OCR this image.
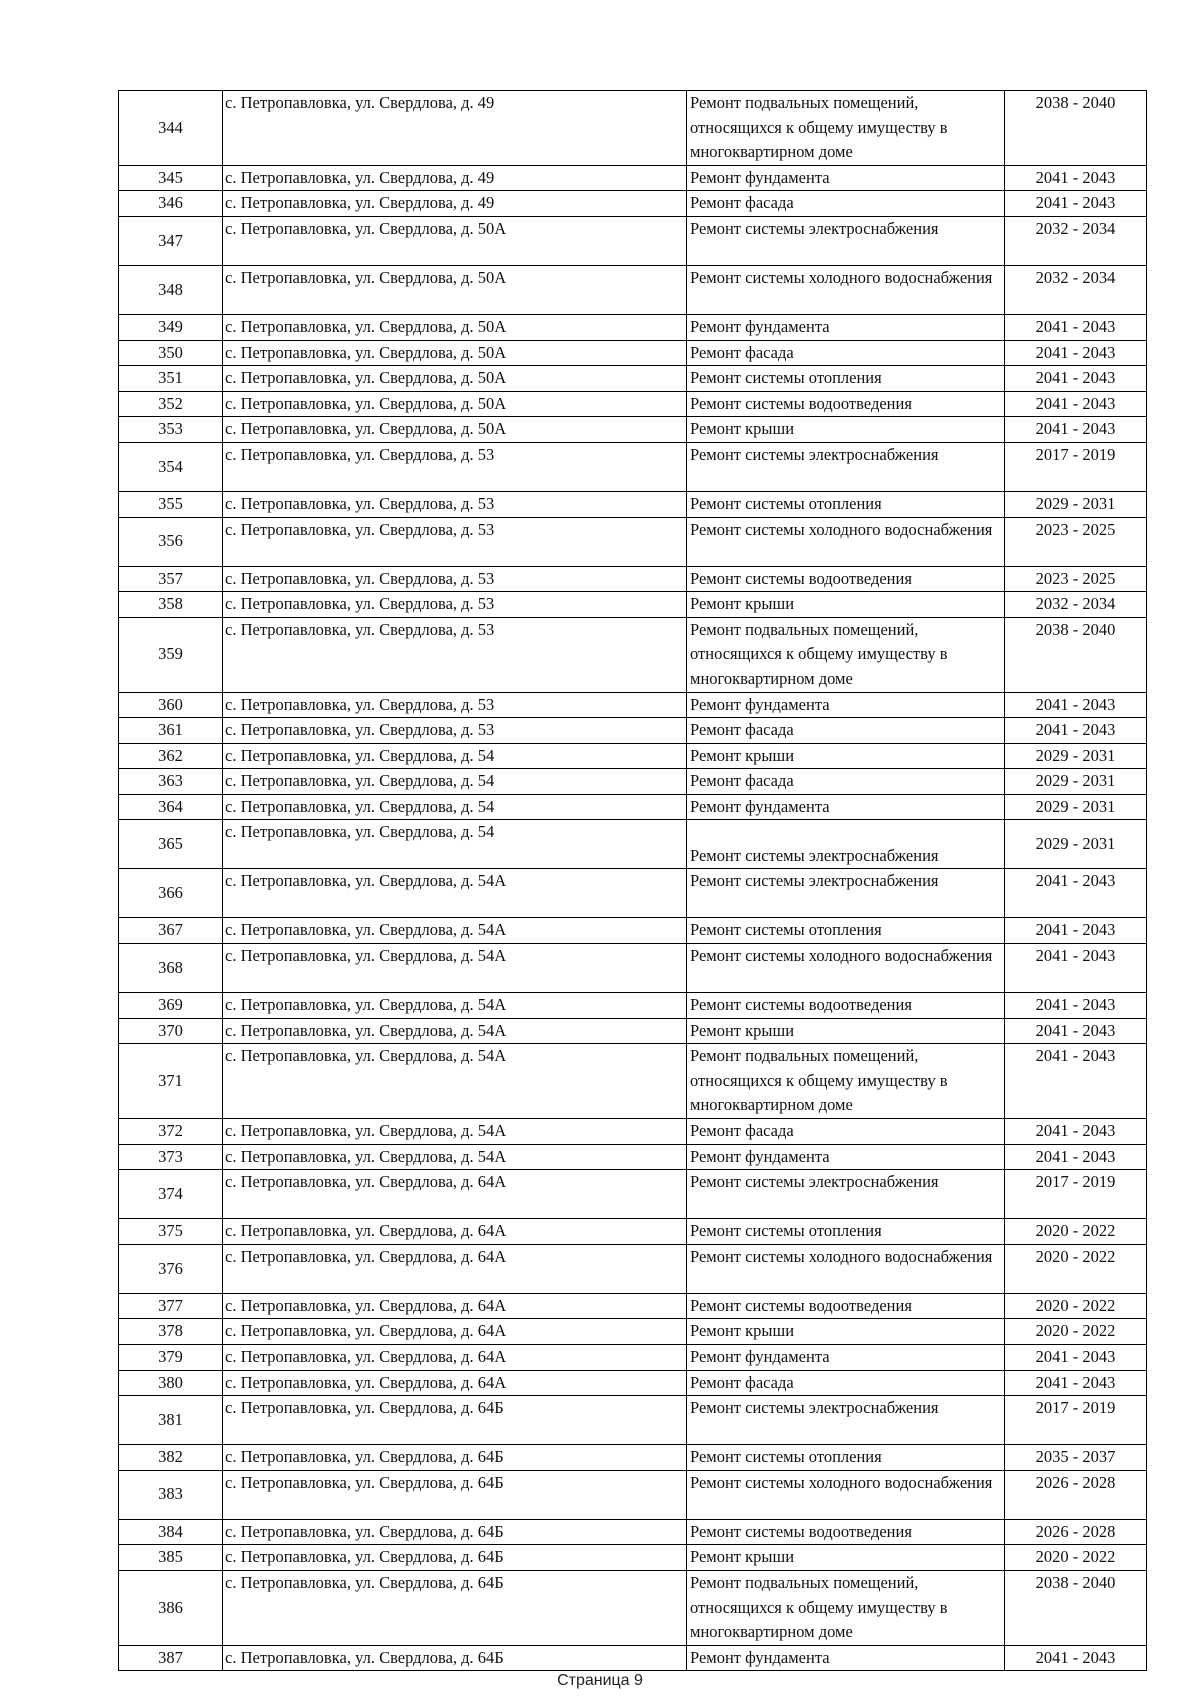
344	с. Петропавловка, ул. Свердлова, д. 49	Ремонт подвальных помещений, относящихся к общему имуществу в многоквартирном доме	2038 - 2040
345	с. Петропавловка, ул. Свердлова, д. 49	Ремонт фундамента	2041 - 2043
346	с. Петропавловка, ул. Свердлова, д. 49	Ремонт фасада	2041 - 2043
347	с. Петропавловка, ул. Свердлова, д. 50А	Ремонт системы электроснабжения	2032 - 2034
348	с. Петропавловка, ул. Свердлова, д. 50А	Ремонт системы холодного водоснабжения	2032 - 2034
349	с. Петропавловка, ул. Свердлова, д. 50А	Ремонт фундамента	2041 - 2043
350	с. Петропавловка, ул. Свердлова, д. 50А	Ремонт фасада	2041 - 2043
351	с. Петропавловка, ул. Свердлова, д. 50А	Ремонт системы отопления	2041 - 2043
352	с. Петропавловка, ул. Свердлова, д. 50А	Ремонт системы водоотведения	2041 - 2043
353	с. Петропавловка, ул. Свердлова, д. 50А	Ремонт крыши	2041 - 2043
354	с. Петропавловка, ул. Свердлова, д. 53	Ремонт системы электроснабжения	2017 - 2019
355	с. Петропавловка, ул. Свердлова, д. 53	Ремонт системы отопления	2029 - 2031
356	с. Петропавловка, ул. Свердлова, д. 53	Ремонт системы холодного водоснабжения	2023 - 2025
357	с. Петропавловка, ул. Свердлова, д. 53	Ремонт системы водоотведения	2023 - 2025
358	с. Петропавловка, ул. Свердлова, д. 53	Ремонт крыши	2032 - 2034
359	с. Петропавловка, ул. Свердлова, д. 53	Ремонт подвальных помещений, относящихся к общему имуществу в многоквартирном доме	2038 - 2040
360	с. Петропавловка, ул. Свердлова, д. 53	Ремонт фундамента	2041 - 2043
361	с. Петропавловка, ул. Свердлова, д. 53	Ремонт фасада	2041 - 2043
362	с. Петропавловка, ул. Свердлова, д. 54	Ремонт крыши	2029 - 2031
363	с. Петропавловка, ул. Свердлова, д. 54	Ремонт фасада	2029 - 2031
364	с. Петропавловка, ул. Свердлова, д. 54	Ремонт фундамента	2029 - 2031
365	с. Петропавловка, ул. Свердлова, д. 54	Ремонт системы электроснабжения	2029 - 2031
366	с. Петропавловка, ул. Свердлова, д. 54А	Ремонт системы электроснабжения	2041 - 2043
367	с. Петропавловка, ул. Свердлова, д. 54А	Ремонт системы отопления	2041 - 2043
368	с. Петропавловка, ул. Свердлова, д. 54А	Ремонт системы холодного водоснабжения	2041 - 2043
369	с. Петропавловка, ул. Свердлова, д. 54А	Ремонт системы водоотведения	2041 - 2043
370	с. Петропавловка, ул. Свердлова, д. 54А	Ремонт крыши	2041 - 2043
371	с. Петропавловка, ул. Свердлова, д. 54А	Ремонт подвальных помещений, относящихся к общему имуществу в многоквартирном доме	2041 - 2043
372	с. Петропавловка, ул. Свердлова, д. 54А	Ремонт фасада	2041 - 2043
373	с. Петропавловка, ул. Свердлова, д. 54А	Ремонт фундамента	2041 - 2043
374	с. Петропавловка, ул. Свердлова, д. 64А	Ремонт системы электроснабжения	2017 - 2019
375	с. Петропавловка, ул. Свердлова, д. 64А	Ремонт системы отопления	2020 - 2022
376	с. Петропавловка, ул. Свердлова, д. 64А	Ремонт системы холодного водоснабжения	2020 - 2022
377	с. Петропавловка, ул. Свердлова, д. 64А	Ремонт системы водоотведения	2020 - 2022
378	с. Петропавловка, ул. Свердлова, д. 64А	Ремонт крыши	2020 - 2022
379	с. Петропавловка, ул. Свердлова, д. 64А	Ремонт фундамента	2041 - 2043
380	с. Петропавловка, ул. Свердлова, д. 64А	Ремонт фасада	2041 - 2043
381	с. Петропавловка, ул. Свердлова, д. 64Б	Ремонт системы электроснабжения	2017 - 2019
382	с. Петропавловка, ул. Свердлова, д. 64Б	Ремонт системы отопления	2035 - 2037
383	с. Петропавловка, ул. Свердлова, д. 64Б	Ремонт системы холодного водоснабжения	2026 - 2028
384	с. Петропавловка, ул. Свердлова, д. 64Б	Ремонт системы водоотведения	2026 - 2028
385	с. Петропавловка, ул. Свердлова, д. 64Б	Ремонт крыши	2020 - 2022
386	с. Петропавловка, ул. Свердлова, д. 64Б	Ремонт подвальных помещений, относящихся к общему имуществу в многоквартирном доме	2038 - 2040
387	с. Петропавловка, ул. Свердлова, д. 64Б	Ремонт фундамента	2041 - 2043
Страница 9
